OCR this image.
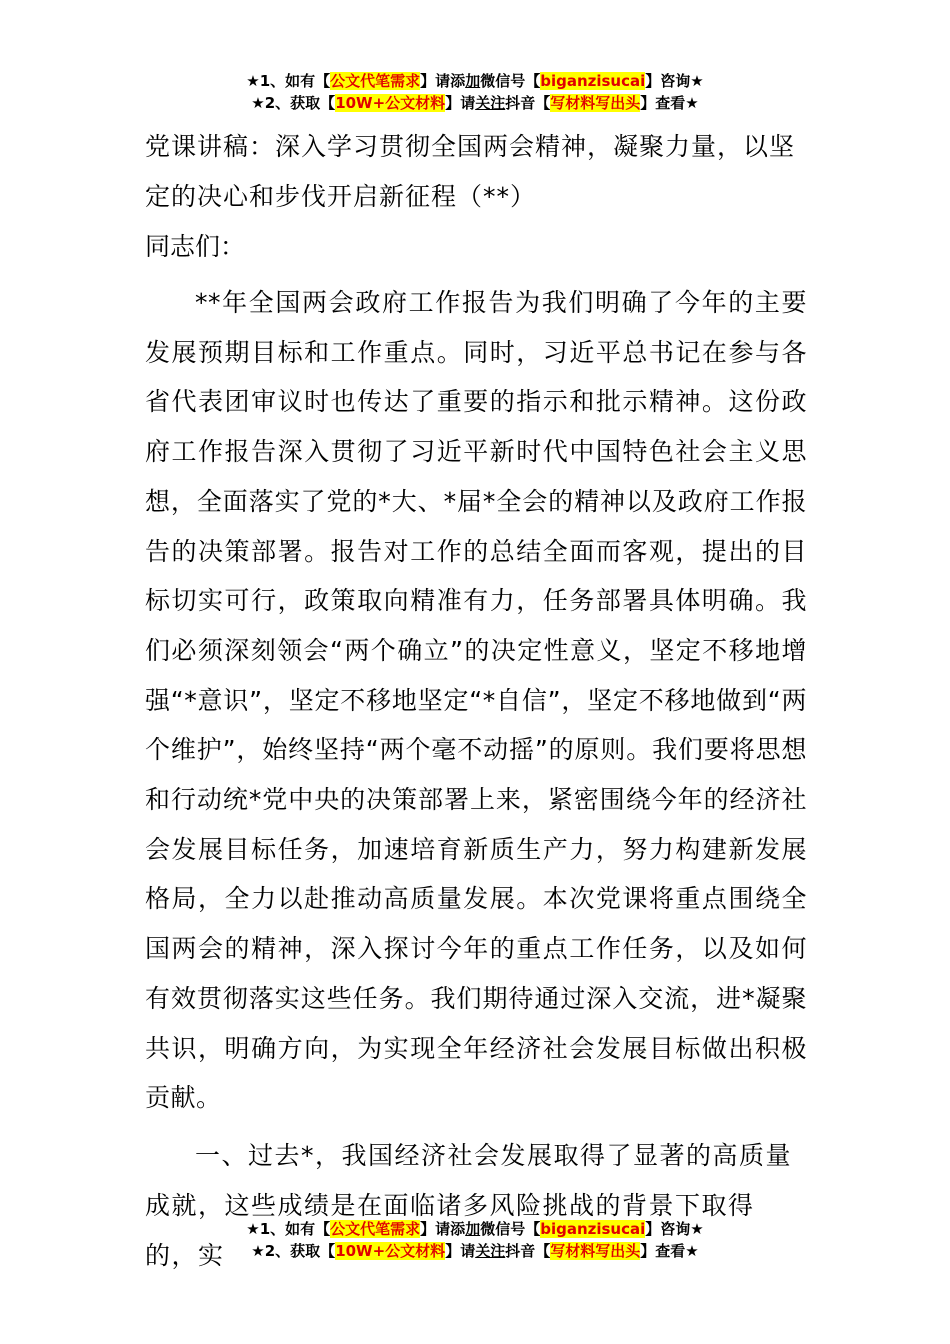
★1、如有【公文代笔需求】请添加微信号【biganzisucai】咨询★
★2、获取【10W+公文材料】请关注抖音【写材料写出头】查看★

党课讲稿：深入学习贯彻全国两会精神，凝聚力量，以坚定的决心和步伐开启新征程（**）

同志们：

**年全国两会政府工作报告为我们明确了今年的主要发展预期目标和工作重点。同时，习近平总书记在参与各省代表团审议时也传达了重要的指示和批示精神。这份政府工作报告深入贯彻了习近平新时代中国特色社会主义思想，全面落实了党的*大、*届*全会的精神以及政府工作报告的决策部署。报告对工作的总结全面而客观，提出的目标切实可行，政策取向精准有力，任务部署具体明确。我们必须深刻领会“两个确立”的决定性意义，坚定不移地增强“*意识”，坚定不移地坚定“*自信”，坚定不移地做到“两个维护”，始终坚持“两个毫不动摇”的原则。我们要将思想和行动统*党中央的决策部署上来，紧密围绕今年的经济社会发展目标任务，加速培育新质生产力，努力构建新发展格局，全力以赴推动高质量发展。本次党课将重点围绕全国两会的精神，深入探讨今年的重点工作任务，以及如何有效贯彻落实这些任务。我们期待通过深入交流，进*凝聚共识，明确方向，为实现全年经济社会发展目标做出积极贡献。

一、过去*，我国经济社会发展取得了显著的高质量成就，这些成绩是在面临诸多风险挑战的背景下取得的，实

★1、如有【公文代笔需求】请添加微信号【biganzisucai】咨询★
★2、获取【10W+公文材料】请关注抖音【写材料写出头】查看★
